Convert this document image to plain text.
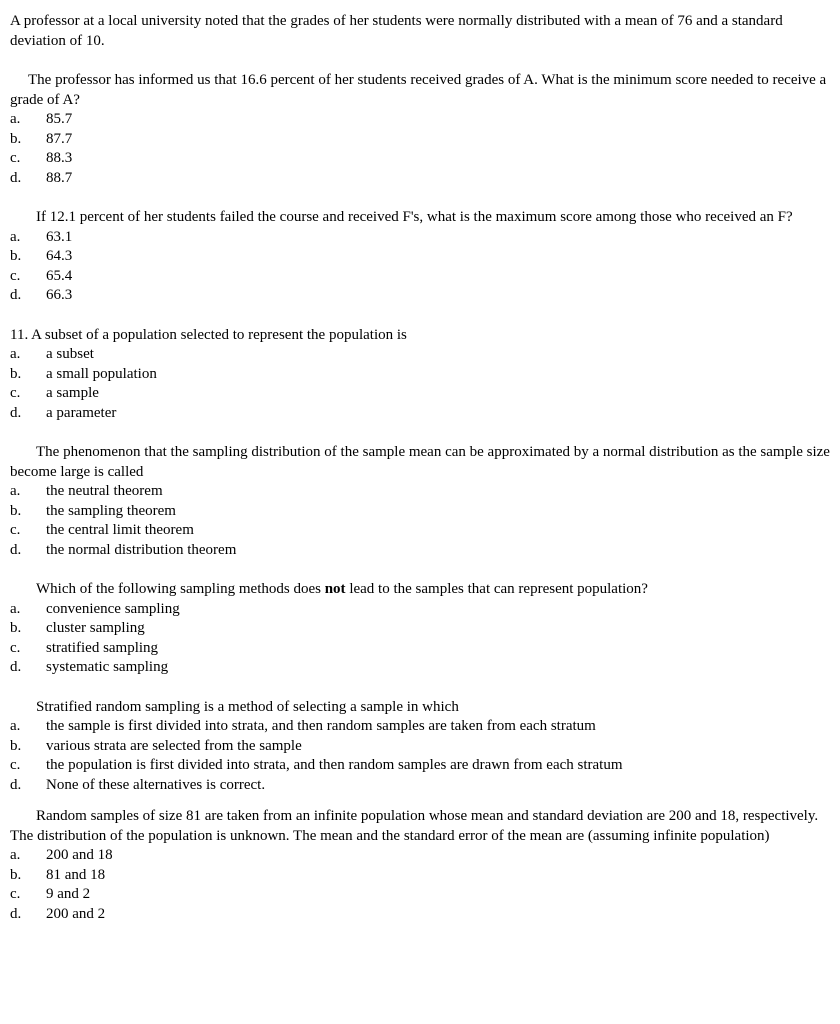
A professor at a local university noted that the grades of her students were normally distributed with a mean of 76 and a standard deviation of 10.

The professor has informed us that 16.6 percent of her students received grades of A. What is the minimum score needed to receive a grade of A?

a.	85.7
b.	87.7
c.	88.3
d.	88.7

If 12.1 percent of her students failed the course and received F's, what is the maximum score among those who received an F?

a.	63.1
b.	64.3
c.	65.4
d.	66.3

11. A subset of a population selected to represent the population is

a.	a subset
b.	a small population
c.	a sample
d.	a parameter

The phenomenon that the sampling distribution of the sample mean can be approximated by a normal distribution as the sample size become large is called

a.	the neutral theorem
b.	the sampling theorem
c.	the central limit theorem
d.	the normal distribution theorem

Which of the following sampling methods does not lead to the samples that can represent population?

a.	convenience sampling
b.	cluster sampling
c.	stratified sampling
d.	systematic sampling

Stratified random sampling is a method of selecting a sample in which

a.	the sample is first divided into strata, and then random samples are taken from each stratum
b.	various strata are selected from the sample
c.	the population is first divided into strata, and then random samples are drawn from each stratum
d.	None of these alternatives is correct.

Random samples of size 81 are taken from an infinite population whose mean and standard deviation are 200 and 18, respectively. The distribution of the population is unknown. The mean and the standard error of the mean are (assuming infinite population)

a.	200 and 18
b.	81 and 18
c.	9 and 2
d.	200 and 2
